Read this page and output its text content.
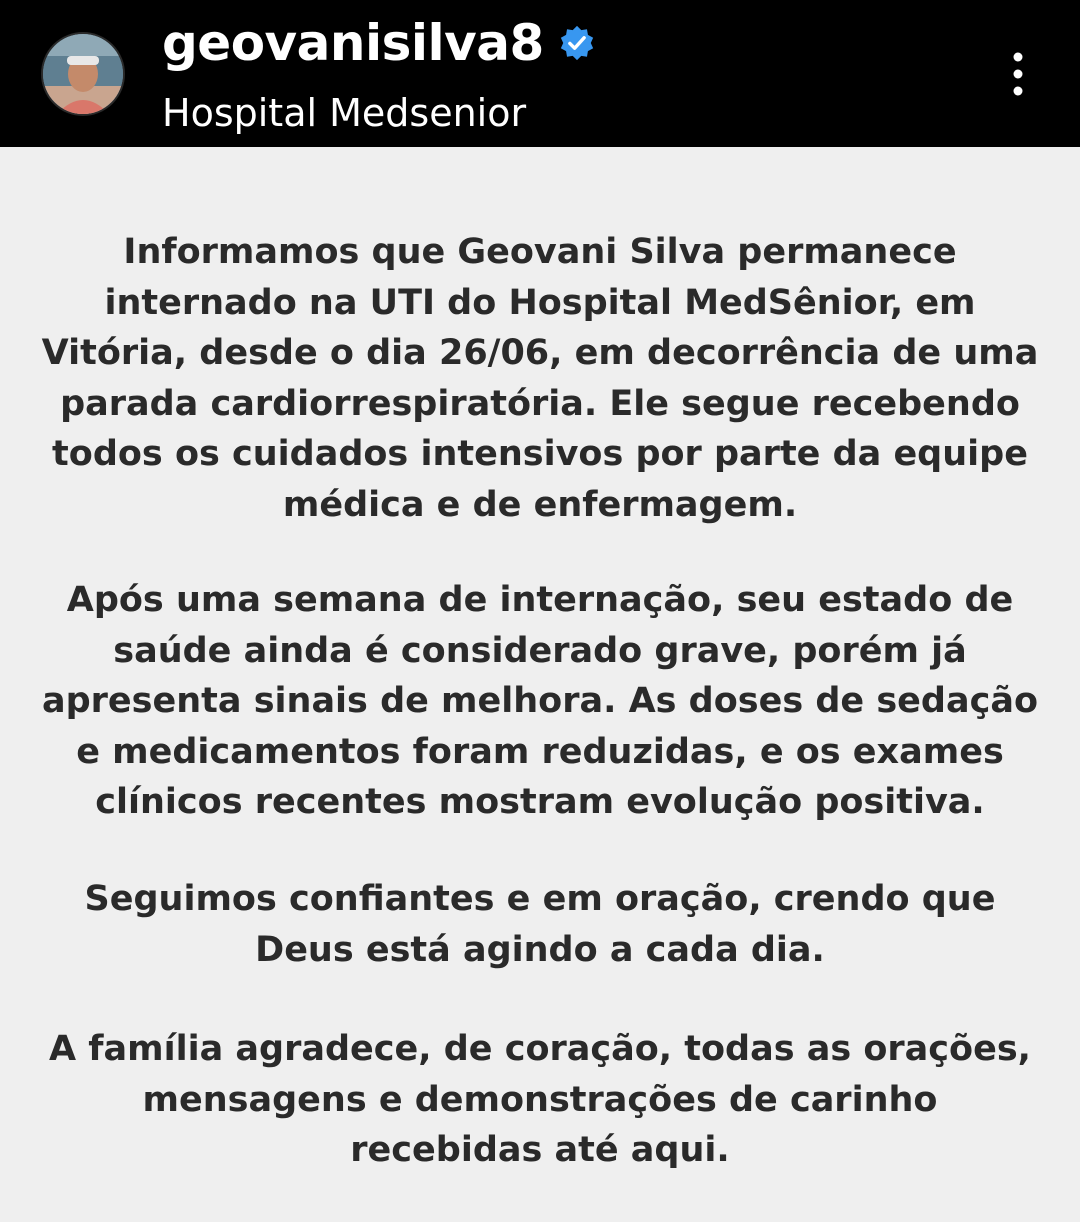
geovanisilva8
Hospital Medsenior

Informamos que Geovani Silva permanece
internado na UTI do Hospital MedSênior, em
Vitória, desde o dia 26/06, em decorrência de uma
parada cardiorrespiratória. Ele segue recebendo
todos os cuidados intensivos por parte da equipe
médica e de enfermagem.

Após uma semana de internação, seu estado de
saúde ainda é considerado grave, porém já
apresenta sinais de melhora. As doses de sedação
e medicamentos foram reduzidas, e os exames
clínicos recentes mostram evolução positiva.

Seguimos confiantes e em oração, crendo que
Deus está agindo a cada dia.

A família agradece, de coração, todas as orações,
mensagens e demonstrações de carinho
recebidas até aqui.
